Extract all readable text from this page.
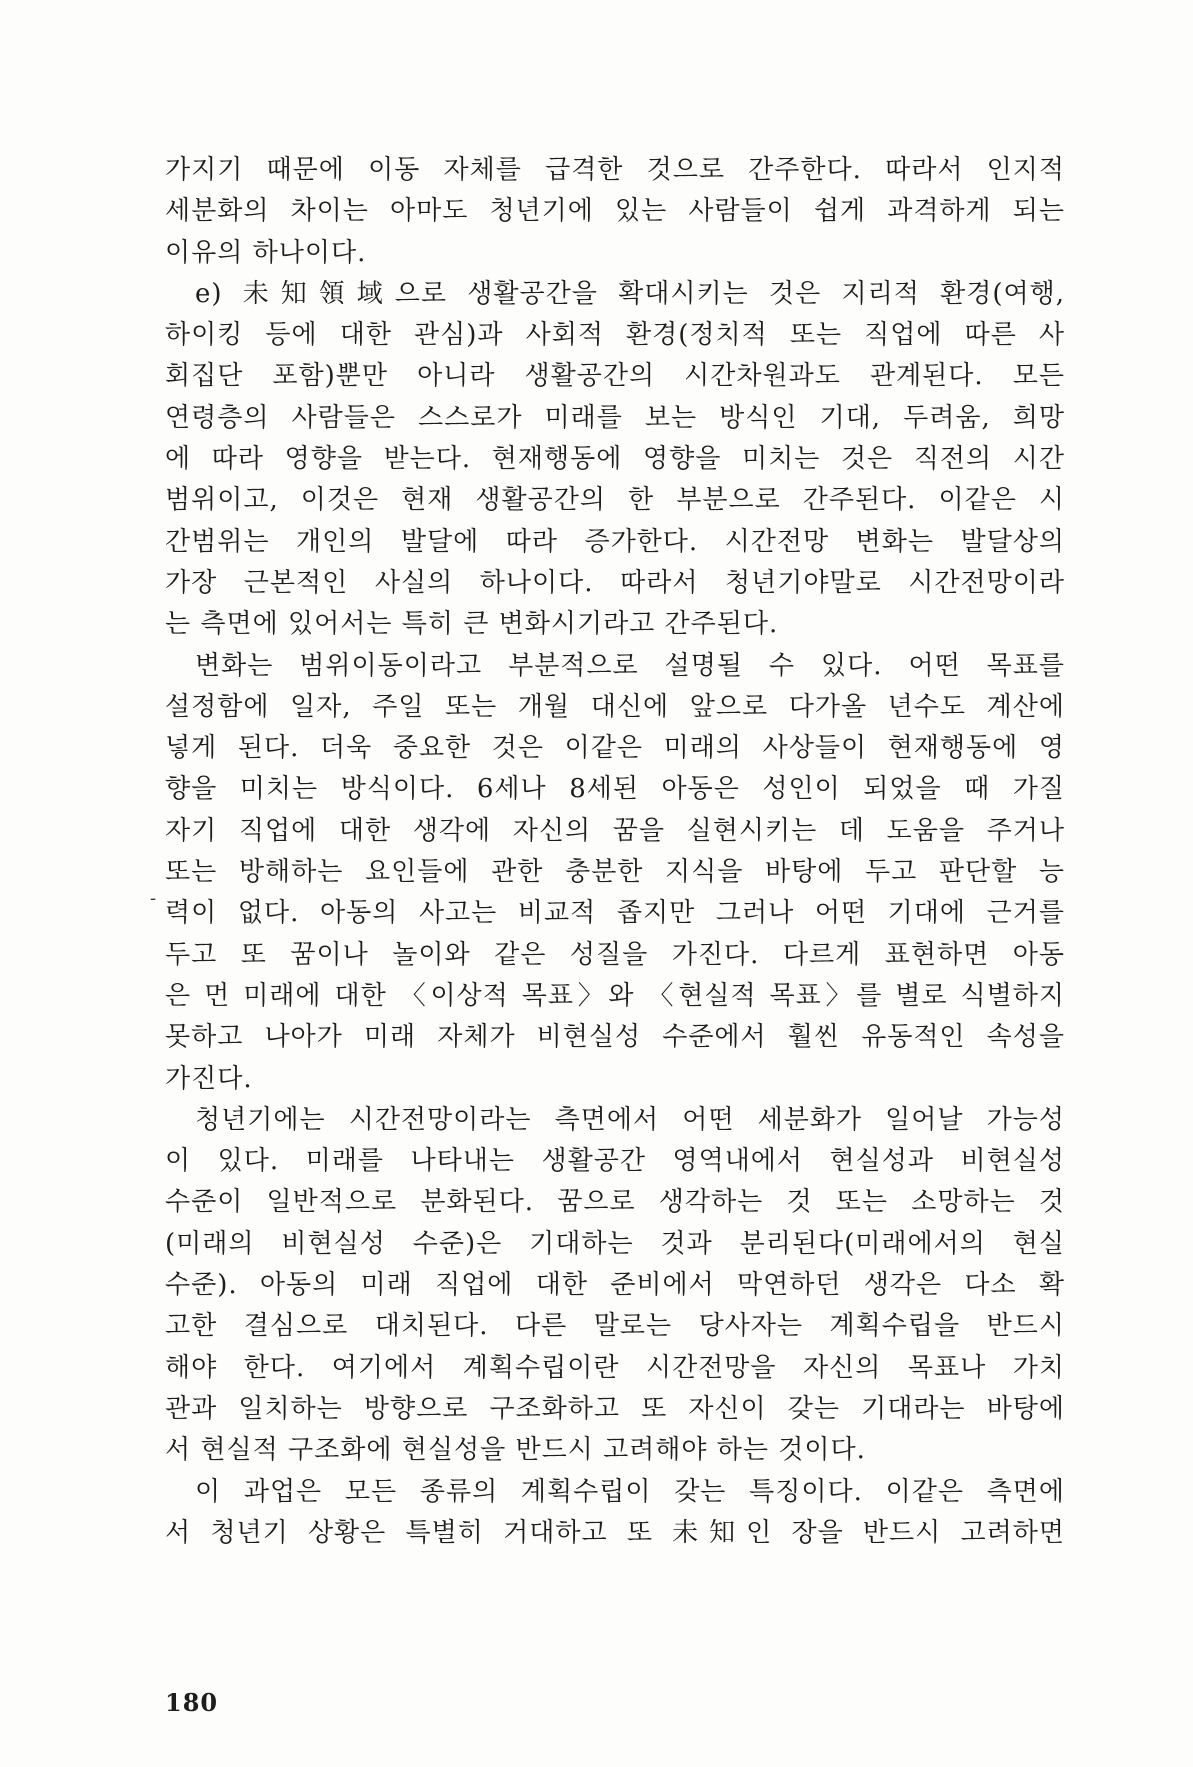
-
가지기 때문에 이동 자체를 급격한 것으로 간주한다. 따라서 인지적
세분화의 차이는 아마도 청년기에 있는 사람들이 쉽게 과격하게 되는
이유의 하나이다.
e) 未知領域으로 생활공간을 확대시키는 것은 지리적 환경(여행,
하이킹 등에 대한 관심)과 사회적 환경(정치적 또는 직업에 따른 사
회집단 포함)뿐만 아니라 생활공간의 시간차원과도 관계된다. 모든
연령층의 사람들은 스스로가 미래를 보는 방식인 기대, 두려움, 희망
에 따라 영향을 받는다. 현재행동에 영향을 미치는 것은 직전의 시간
범위이고, 이것은 현재 생활공간의 한 부분으로 간주된다. 이같은 시
간범위는 개인의 발달에 따라 증가한다. 시간전망 변화는 발달상의
가장 근본적인 사실의 하나이다. 따라서 청년기야말로 시간전망이라
는 측면에 있어서는 특히 큰 변화시기라고 간주된다.
변화는 범위이동이라고 부분적으로 설명될 수 있다. 어떤 목표를
설정함에 일자, 주일 또는 개월 대신에 앞으로 다가올 년수도 계산에
넣게 된다. 더욱 중요한 것은 이같은 미래의 사상들이 현재행동에 영
향을 미치는 방식이다. 6세나 8세된 아동은 성인이 되었을 때 가질
자기 직업에 대한 생각에 자신의 꿈을 실현시키는 데 도움을 주거나
또는 방해하는 요인들에 관한 충분한 지식을 바탕에 두고 판단할 능
력이 없다. 아동의 사고는 비교적 좁지만 그러나 어떤 기대에 근거를
두고 또 꿈이나 놀이와 같은 성질을 가진다. 다르게 표현하면 아동
은 먼 미래에 대한 〈이상적 목표〉와 〈현실적 목표〉를 별로 식별하지
못하고 나아가 미래 자체가 비현실성 수준에서 훨씬 유동적인 속성을
가진다.
청년기에는 시간전망이라는 측면에서 어떤 세분화가 일어날 가능성
이 있다. 미래를 나타내는 생활공간 영역내에서 현실성과 비현실성
수준이 일반적으로 분화된다. 꿈으로 생각하는 것 또는 소망하는 것
(미래의 비현실성 수준)은 기대하는 것과 분리된다(미래에서의 현실
수준). 아동의 미래 직업에 대한 준비에서 막연하던 생각은 다소 확
고한 결심으로 대치된다. 다른 말로는 당사자는 계획수립을 반드시
해야 한다. 여기에서 계획수립이란 시간전망을 자신의 목표나 가치
관과 일치하는 방향으로 구조화하고 또 자신이 갖는 기대라는 바탕에
서 현실적 구조화에 현실성을 반드시 고려해야 하는 것이다.
이 과업은 모든 종류의 계획수립이 갖는 특징이다. 이같은 측면에
서 청년기 상황은 특별히 거대하고 또 未知인 장을 반드시 고려하면
180
